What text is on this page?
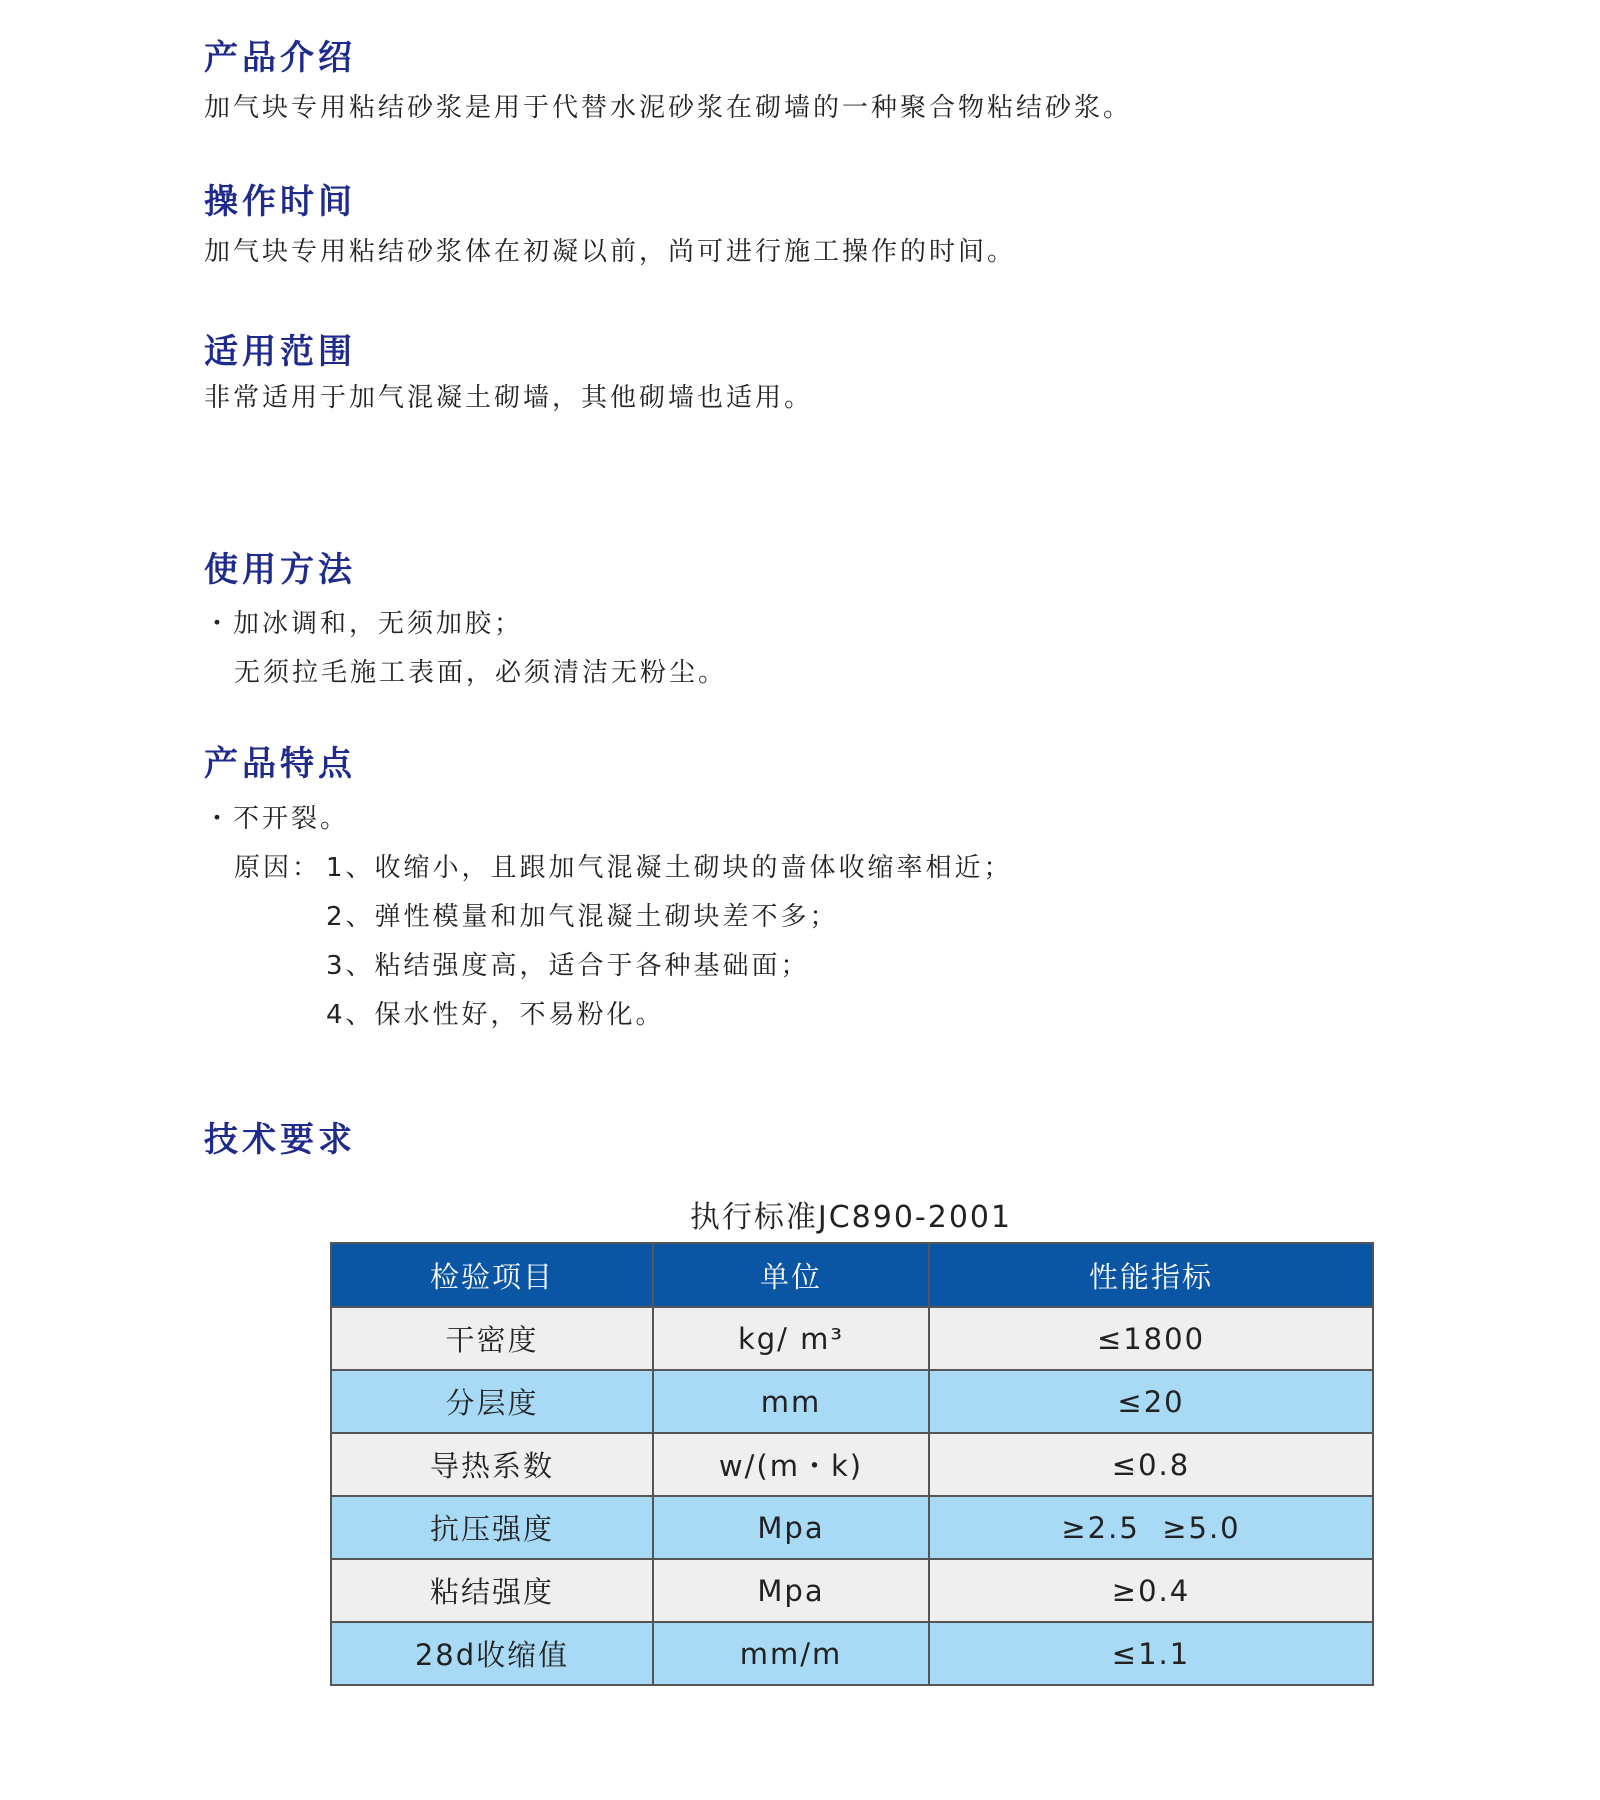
产品介绍

加气块专用粘结砂浆是用于代替水泥砂浆在砌墙的一种聚合物粘结砂浆。

操作时间

加气块专用粘结砂浆体在初凝以前，尚可进行施工操作的时间。

适用范围

非常适用于加气混凝土砌墙，其他砌墙也适用。

使用方法
・加冰调和，无须加胶；
无须拉毛施工表面，必须清洁无粉尘。
产品特点
・不开裂。
原因： 1、收缩小，且跟加气混凝土砌块的啬体收缩率相近；
2、弹性模量和加气混凝土砌块差不多；
3、粘结强度高，适合于各种基础面；
4、保水性好，不易粉化。
技术要求
执行标准JC890-2001
检验项目	单位	性能指标
干密度	kg/ m³	≤1800
分层度	mm	≤20
导热系数	w/(m・k)	≤0.8
抗压强度	Mpa	≥2.5  ≥5.0
粘结强度	Mpa	≥0.4
28d收缩值	mm/m	≤1.1
